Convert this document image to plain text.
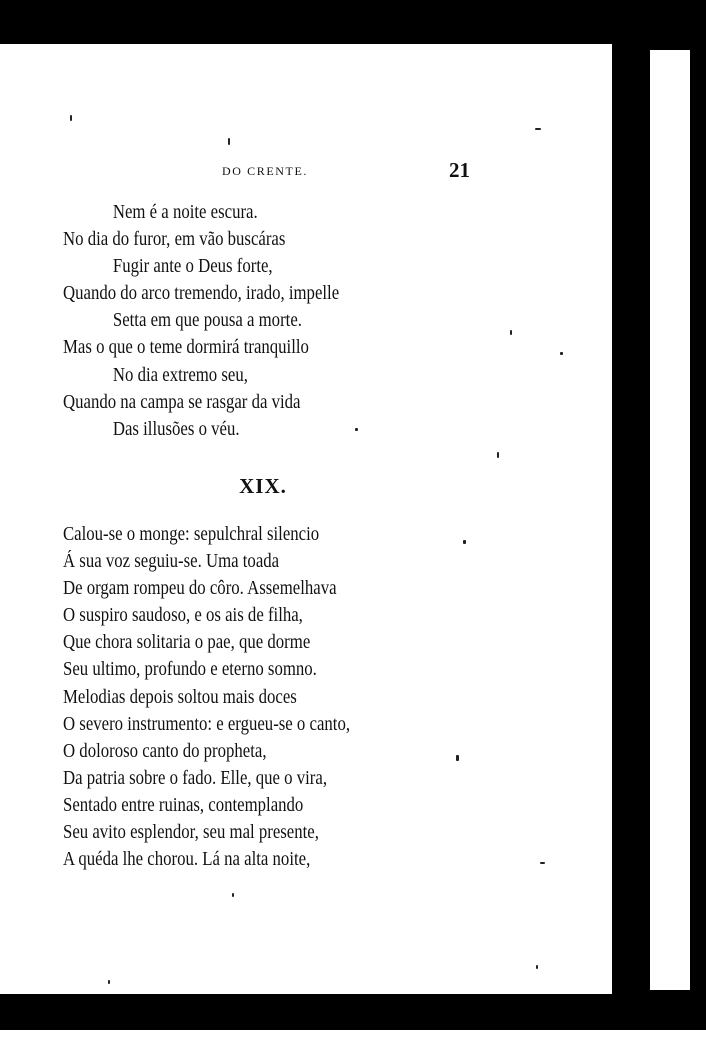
DO CRENTE.	21
Nem é a noite escura.
No dia do furor, em vão buscáras
Fugir ante o Deus forte,
Quando do arco tremendo, irado, impelle
Setta em que pousa a morte.
Mas o que o teme dormirá tranquillo
No dia extremo seu,
Quando na campa se rasgar da vida
Das illusões o véu.
XIX.
Calou-se o monge: sepulchral silencio
Á sua voz seguiu-se. Uma toada
De orgam rompeu do côro. Assemelhava
O suspiro saudoso, e os ais de filha,
Que chora solitaria o pae, que dorme
Seu ultimo, profundo e eterno somno.
Melodias depois soltou mais doces
O severo instrumento: e ergueu-se o canto,
O doloroso canto do propheta,
Da patria sobre o fado. Elle, que o vira,
Sentado entre ruinas, contemplando
Seu avito esplendor, seu mal presente,
A quéda lhe chorou. Lá na alta noite,
